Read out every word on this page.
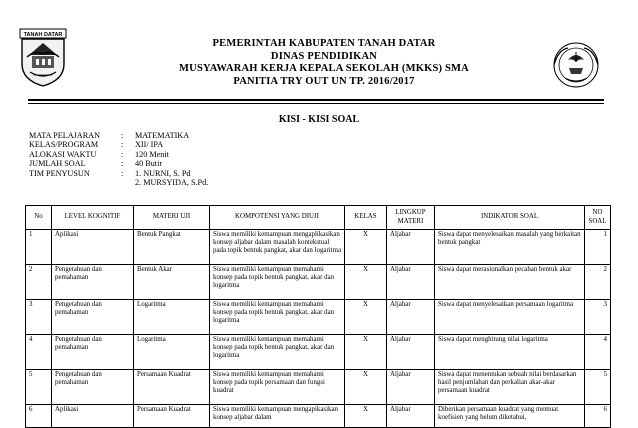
TANAH DATAR
PEMERINTAH KABUPATEN TANAH DATAR
DINAS PENDIDIKAN
MUSYAWARAH KERJA KEPALA SEKOLAH (MKKS) SMA
PANITIA TRY OUT UN TP. 2016/2017
KISI - KISI SOAL
MATA PELAJARAN	:	MATEMATIKA
KELAS/PROGRAM	:	XII/ IPA
ALOKASI WAKTU	:	120 Menit
JUMLAH SOAL	:	40 Butir
TIM PENYUSUN	:	1. NURNI, S. Pd
2. MURSYIDA, S.Pd.
No	LEVEL KOGNITIF	MATERI UJI	KOMPOTENSI YANG DIUJI	KELAS	LINGKUP MATERI	INDIKATOR SOAL	NO SOAL
1	Aplikasi	Bentuk Pangkat	Siswa memiliki kemampuan mengaplikasikan konsep aljabar dalam masalah kontekstual pada topik bentuk pangkat, akar dan logaritma	X	Aljabar	Siswa dapat menyelesaikan masalah yang berkaitan bentuk pangkat	1
2	Pengetahuan dan pemahaman	Bentuk Akar	Siswa memiliki kemampuan memahami konsep pada topik bentuk pangkat, akar dan logaritma	X	Aljabar	Siswa dapat merasionalkan pecahan bentuk akar	2
3	Pengetahuan dan pemahaman	Logaritma	Siswa memiliki kemampuan memahami konsep pada topik bentuk pangkat, akar dan logaritma	X	Aljabar	Siswa dapat menyelesaikan persamaan logaritma	3
4	Pengetahuan dan pemahaman	Logaritma	Siswa memiliki kemampuan memahami konsep pada topik bentuk pangkat, akar dan logaritma	X	Aljabar	Siswa dapat menghitung nilai logaritma	4
5	Pengetahuan dan pemahaman	Persamaan Kuadrat	Siswa memiliki kemampuan memahami konsep pada topik persamaan dan fungsi kuadrat	X	Aljabar	Siswa dapat menentukan sebuah nilai berdasarkan hasil penjumlahan dan perkalian akar-akar persamaan kuadrat	5
6	Aplikasi	Persamaan Kuadrat	Siswa memiliki kemampuan mengapikasikan konsep aljabar dalam	X	Aljabar	Diberikan persamaan kuadrat yang memuat koefisien yang belum diketahui,	6
